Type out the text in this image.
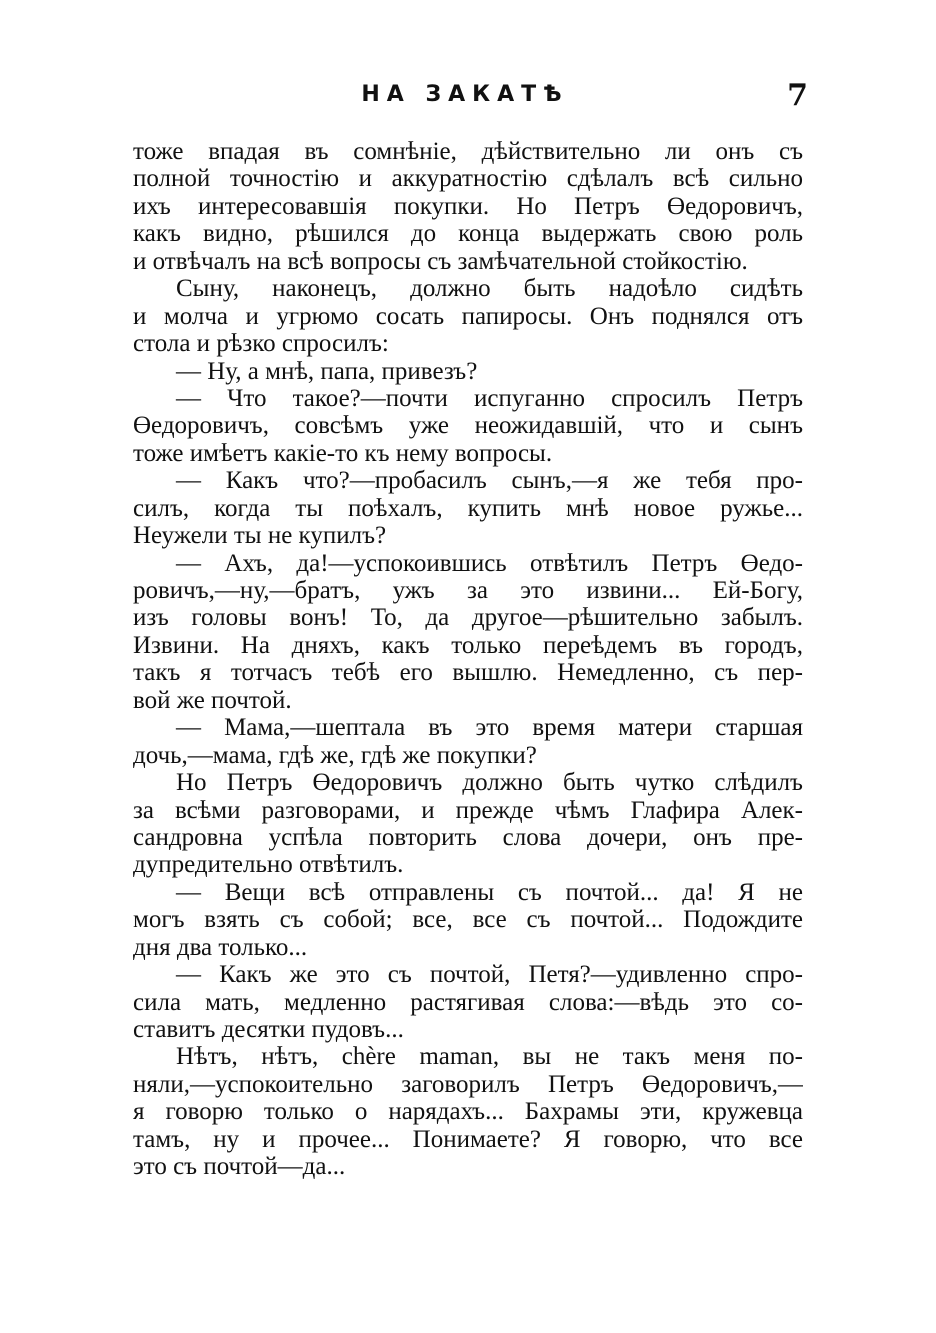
НА ЗАКАТѢ	7
тоже впадая въ сомнѣніе, дѣйствительно ли онъ съ
полной точностію и аккуратностію сдѣлалъ всѣ сильно
ихъ интересовавшія покупки. Но Петръ Өедоровичъ,
какъ видно, рѣшился до конца выдержать свою роль
и отвѣчалъ на всѣ вопросы съ замѣчательной стойкостію.
Сыну, наконецъ, должно быть надоѣло сидѣть
и молча и угрюмо сосать папиросы. Онъ поднялся отъ
стола и рѣзко спросилъ:
— Ну, а мнѣ, папа, привезъ?
— Что такое?—почти испуганно спросилъ Петръ
Өедоровичъ, совсѣмъ уже неожидавшій, что и сынъ
тоже имѣетъ какіе-то къ нему вопросы.
— Какъ что?—пробасилъ сынъ,—я же тебя про-
силъ, когда ты поѣхалъ, купить мнѣ новое ружье...
Неужели ты не купилъ?
— Ахъ, да!—успокоившись отвѣтилъ Петръ Өедо-
ровичъ,—ну,—братъ, ужъ за это извини... Ей-Богу,
изъ головы вонъ! То, да другое—рѣшительно забылъ.
Извини. На дняхъ, какъ только переѣдемъ въ городъ,
такъ я тотчасъ тебѣ его вышлю. Немедленно, съ пер-
вой же почтой.
— Мама,—шептала въ это время матери старшая
дочь,—мама, гдѣ же, гдѣ же покупки?
Но Петръ Өедоровичъ должно быть чутко слѣдилъ
за всѣми разговорами, и прежде чѣмъ Глафира Алек-
сандровна успѣла повторить слова дочери, онъ пре-
дупредительно отвѣтилъ.
— Вещи всѣ отправлены съ почтой... да! Я не
могъ взять съ собой; все, все съ почтой... Подождите
дня два только...
— Какъ же это съ почтой, Петя?—удивленно спро-
сила мать, медленно растягивая слова:—вѣдь это со-
ставитъ десятки пудовъ...
Нѣтъ, нѣтъ, chère maman, вы не такъ меня по-
няли,—успокоительно заговорилъ Петръ Өедоровичъ,—
я говорю только о нарядахъ... Бахрамы эти, кружевца
тамъ, ну и прочее... Понимаете? Я говорю, что все
это съ почтой—да...
